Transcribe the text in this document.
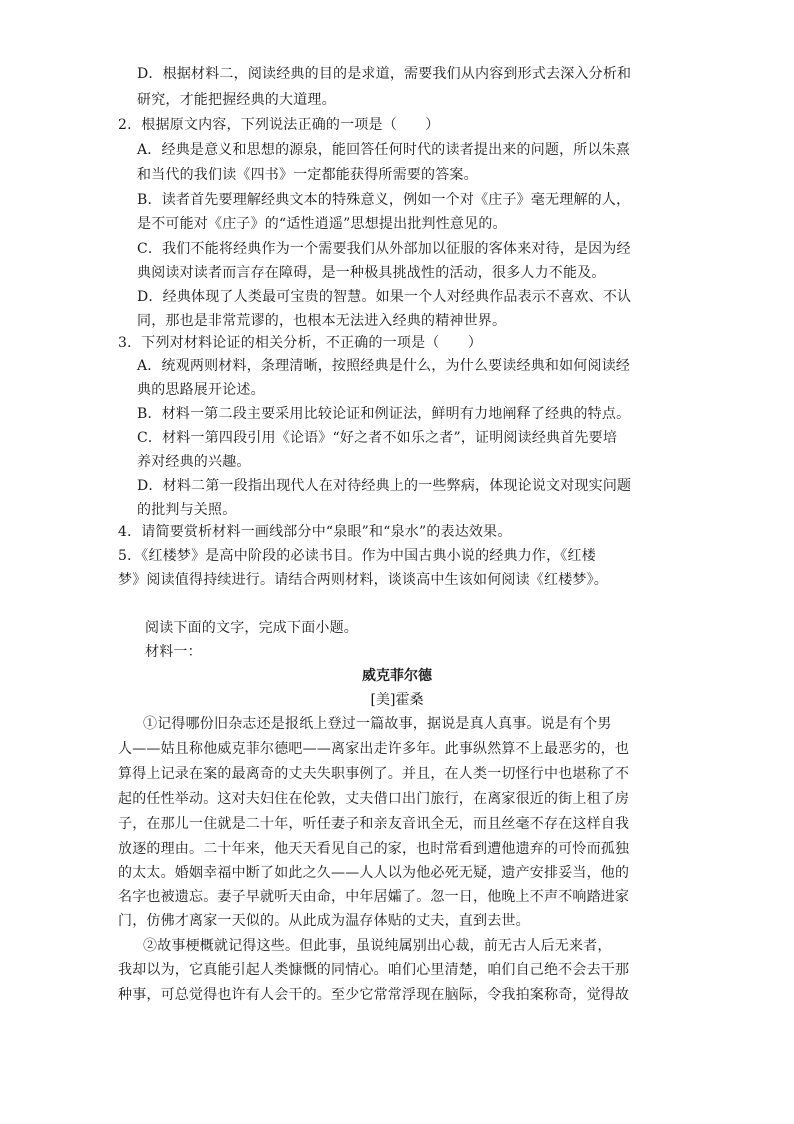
D．根据材料二，阅读经典的目的是求道，需要我们从内容到形式去深入分析和
研究，才能把握经典的大道理。
2．根据原文内容，下列说法正确的一项是（　　）
A．经典是意义和思想的源泉，能回答任何时代的读者提出来的问题，所以朱熹
和当代的我们读《四书》一定都能获得所需要的答案。
B．读者首先要理解经典文本的特殊意义，例如一个对《庄子》毫无理解的人，
是不可能对《庄子》的“适性逍遥”思想提出批判性意见的。
C．我们不能将经典作为一个需要我们从外部加以征服的客体来对待，是因为经
典阅读对读者而言存在障碍，是一种极具挑战性的活动，很多人力不能及。
D．经典体现了人类最可宝贵的智慧。如果一个人对经典作品表示不喜欢、不认
同，那也是非常荒谬的，也根本无法进入经典的精神世界。
3．下列对材料论证的相关分析，不正确的一项是（　　）
A．统观两则材料，条理清晰，按照经典是什么，为什么要读经典和如何阅读经
典的思路展开论述。
B．材料一第二段主要采用比较论证和例证法，鲜明有力地阐释了经典的特点。
C．材料一第四段引用《论语》“好之者不如乐之者”，证明阅读经典首先要培
养对经典的兴趣。
D．材料二第一段指出现代人在对待经典上的一些弊病，体现论说文对现实问题
的批判与关照。
4．请简要赏析材料一画线部分中“泉眼”和“泉水”的表达效果。
5．《红楼梦》是高中阶段的必读书目。作为中国古典小说的经典力作，《红楼
梦》阅读值得持续进行。请结合两则材料，谈谈高中生该如何阅读《红楼梦》。
阅读下面的文字，完成下面小题。
材料一：
威克菲尔德
[美]霍桑
①记得哪份旧杂志还是报纸上登过一篇故事，据说是真人真事。说是有个男
人——姑且称他威克菲尔德吧——离家出走许多年。此事纵然算不上最恶劣的，也
算得上记录在案的最离奇的丈夫失职事例了。并且，在人类一切怪行中也堪称了不
起的任性举动。这对夫妇住在伦敦，丈夫借口出门旅行，在离家很近的街上租了房
子，在那儿一住就是二十年，听任妻子和亲友音讯全无，而且丝毫不存在这样自我
放逐的理由。二十年来，他天天看见自己的家，也时常看到遭他遗弃的可怜而孤独
的太太。婚姻幸福中断了如此之久——人人以为他必死无疑，遗产安排妥当，他的
名字也被遗忘。妻子早就听天由命，中年居孀了。忽一日，他晚上不声不响踏进家
门，仿佛才离家一天似的。从此成为温存体贴的丈夫，直到去世。
②故事梗概就记得这些。但此事，虽说纯属别出心裁，前无古人后无来者，
我却以为，它真能引起人类慷慨的同情心。咱们心里清楚，咱们自己绝不会去干那
种事，可总觉得也许有人会干的。至少它常常浮现在脑际，令我拍案称奇，觉得故
